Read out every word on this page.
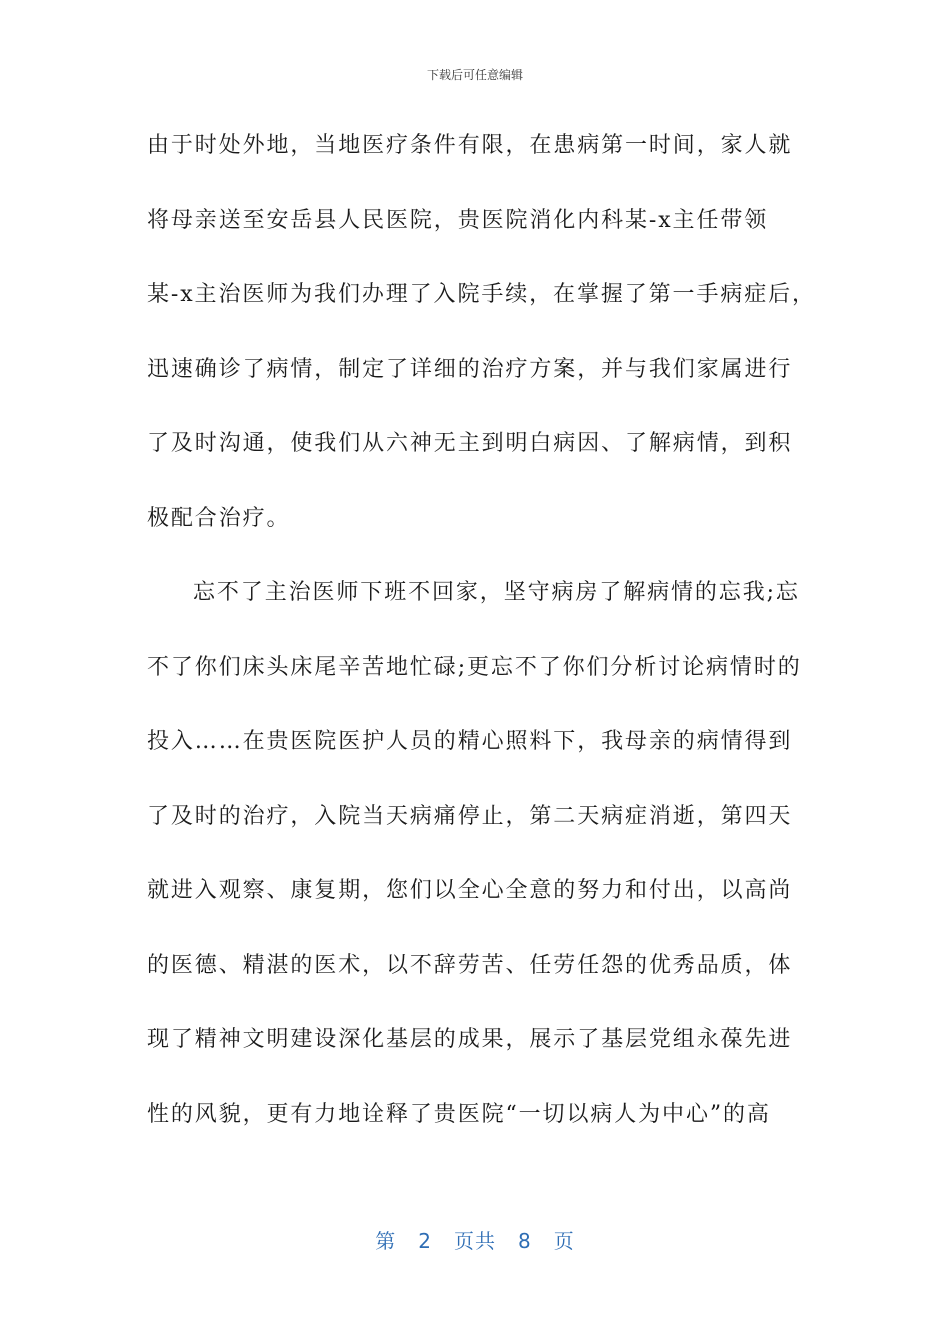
下载后可任意编辑
由于时处外地，当地医疗条件有限，在患病第一时间，家人就
将母亲送至安岳县人民医院，贵医院消化内科某-x主任带领
某-x主治医师为我们办理了入院手续，在掌握了第一手病症后，
迅速确诊了病情，制定了详细的治疗方案，并与我们家属进行
了及时沟通，使我们从六神无主到明白病因、了解病情，到积
极配合治疗。
忘不了主治医师下班不回家，坚守病房了解病情的忘我;忘
不了你们床头床尾辛苦地忙碌;更忘不了你们分析讨论病情时的
投入……在贵医院医护人员的精心照料下，我母亲的病情得到
了及时的治疗，入院当天病痛停止，第二天病症消逝，第四天
就进入观察、康复期，您们以全心全意的努力和付出，以高尚
的医德、精湛的医术，以不辞劳苦、任劳任怨的优秀品质，体
现了精神文明建设深化基层的成果，展示了基层党组永葆先进
性的风貌，更有力地诠释了贵医院“一切以病人为中心”的高
第 2 页共 8 页
